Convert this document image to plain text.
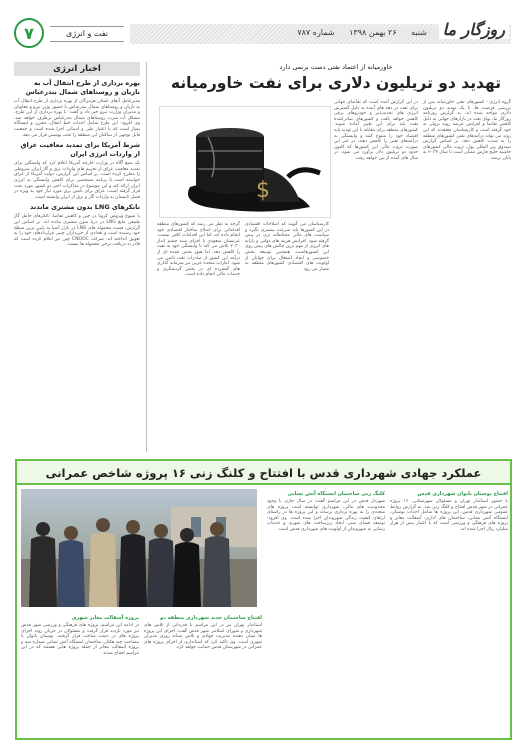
روزگار ما
شنبه ۲۶ بهمن ۱۳۹۸ شماره ۷۸۷
نفت و انرژی
۷
اخبار انرژی
بهره برداری از طرح انتقال آب به نازیان و روستاهای شمال بندرعباس
مدیرعامل آبفای استان هرمزگان از بهره برداری از طرح انتقال آب به نازیان و روستاهای شمال بندرعباس با حضور وزیر نیرو و معاونان و مدیران وزارت نیرو خبر داد و گفت: با بهره برداری از این طرح، مشکل آب شرب روستاهای شمال بندرعباس برطرف خواهد شد. وی افزود: این طرح شامل احداث خط انتقال، مخزن و ایستگاه پمپاژ است که با اعتبار ملی و استانی اجرا شده است و جمعیت قابل توجهی از ساکنان این منطقه را تحت پوشش قرار می دهد.
شرط آمریکا برای تمدید معافیت عراق از واردات انرژی ایران
یک منبع آگاه در وزارت خارجه آمریکا اعلام کرد که واشنگتن برای تمدید معافیت عراق از تحریم های واردات برق و گاز ایران شروطی را مطرح کرده است. بر اساس این گزارش، دولت آمریکا از عراق خواسته است تا برنامه مشخصی برای کاهش وابستگی به انرژی ایران ارائه کند و این موضوع در مذاکرات اخیر دو کشور مورد بحث قرار گرفته است. عراق برای تامین برق مورد نیاز خود به ویژه در فصل تابستان به واردات گاز و برق از ایران وابسته است.
تانکرهای LNG بدون مشتری ماندند
با شیوع ویروس کرونا در چین و کاهش تقاضا، تانکرهای حامل گاز طبیعی مایع LNG در دریا بدون مشتری مانده اند. بر اساس این گزارش، قیمت محموله های LNG در بازار آسیا به پایین ترین سطح خود رسیده است و تعدادی از خریداران چینی قراردادهای خود را به تعویق انداخته اند. شرکت CNOOC چین نیز اعلام کرده است که قادر به دریافت برخی محموله ها نیست.
خاورمیانه از اعتماد نفتی دست برنمی دارد
تهدید دو تریلیون دلاری برای نفت خاورمیانه
گروه انرژی - کشورهای نفتی خاورمیانه پس از بررسی فرصت ها، با یک تهدید دو تریلیون دلاری مواجه شده اند. به گزارش روزنامه روزگار ما، بهای نفت در بازارهای جهانی به دلیل کاهش تقاضا و افزایش عرضه روند نزولی به خود گرفته است و کارشناسان معتقدند که این روند می تواند درآمدهای نفتی کشورهای منطقه را به شدت کاهش دهد. بر اساس گزارش صندوق بین المللی پول، ثروت مالی کشورهای حاشیه خلیج فارس ممکن است تا سال ۲۰۳۴ به پایان برسد.
در این گزارش آمده است که تقاضای جهانی برای نفت در دهه های آینده به دلیل گسترش انرژی های تجدیدپذیر و خودروهای برقی کاهش خواهد یافت و کشورهای صادرکننده نفت باید برای این تغییر آماده شوند. کشورهای منطقه برای مقابله با این تهدید باید اقتصاد خود را متنوع کنند و وابستگی به درآمدهای نفتی را کاهش دهند. در غیر این صورت ثروت مالی این کشورها که اکنون حدود دو تریلیون دلار برآورد می شود، در سال های آینده از بین خواهد رفت.
کارشناسان می گویند که اصلاحات اقتصادی در این کشورها باید سرعت بیشتری بگیرد و سیاست های مالی محتاطانه تری در پیش گرفته شود. افزایش هزینه های دولتی و یارانه های انرژی از مهم ترین چالش های پیش روی این کشورهاست. همچنین توسعه بخش خصوصی و ایجاد اشتغال برای جوانان از اولویت های اقتصادی کشورهای منطقه به شمار می رود.
گرچه به نظر می رسد که کشورهای منطقه اقداماتی برای اصلاح ساختار اقتصادی خود انجام داده اند، اما این اقدامات کافی نیست. عربستان سعودی با اجرای سند چشم انداز ۲۰۳۰ تلاش می کند تا وابستگی خود به نفت را کاهش دهد، اما هنوز بخش عمده ای از درآمد این کشور از صادرات نفت تامین می شود. امارات متحده عربی نیز سرمایه گذاری های گسترده ای در بخش گردشگری و خدمات مالی انجام داده است.
$
عملکرد جهادی شهرداری قدس با افتتاح و کلنگ زنی ۱۶ پروژه شاخص عمرانی
افتتاح بوستان بانوان شهرداری قدس
با حضور استاندار تهران و مسئولان شهرستانی، ۱۶ پروژه عمرانی در شهر قدس افتتاح و کلنگ زنی شد. به گزارش روابط عمومی شهرداری قدس، این پروژه ها شامل احداث بوستان، ایستگاه آتش نشانی، ساختمان های اداری، آسفالت معابر و پروژه های فرهنگی و ورزشی است که با اعتبار بیش از هزار میلیارد ریال اجرا شده اند.
کلنگ زنی ساختمان ایستگاه آتش نشانی
شهردار قدس در این مراسم گفت: در سال جاری با وجود محدودیت های مالی، شهرداری توانسته است پروژه های متعددی را به بهره برداری برساند و این پروژه ها در راستای ارتقای کیفیت زندگی شهروندان اجرا شده است. وی افزود: توسعه فضای سبز، ایجاد زیرساخت های شهری و خدمات رسانی به شهروندان از اولویت های شهرداری قدس است.
افتتاح ساختمان جدید شهرداری منطقه دو
استاندار تهران نیز در این مراسم با قدردانی از تلاش های شهرداری و شورای اسلامی شهر قدس گفت: اجرای این پروژه ها نشان دهنده مدیریت جهادی و تلاش شبانه روزی مدیران شهری است. وی تاکید کرد که استانداری از اجرای پروژه های عمرانی در شهرستان قدس حمایت خواهد کرد.
پروژه آسفالت معابر شهری
در ادامه این مراسم، پروژه های فرهنگی و ورزشی شهر قدس نیز مورد بازدید قرار گرفت و مسئولان در جریان روند اجرای پروژه های در دست ساخت قرار گرفتند. بوستان بانوان با مساحت چند هکتار، ساختمان ایستگاه آتش نشانی شماره سه و پروژه آسفالت معابر از جمله پروژه هایی هستند که در این مراسم افتتاح شدند.
